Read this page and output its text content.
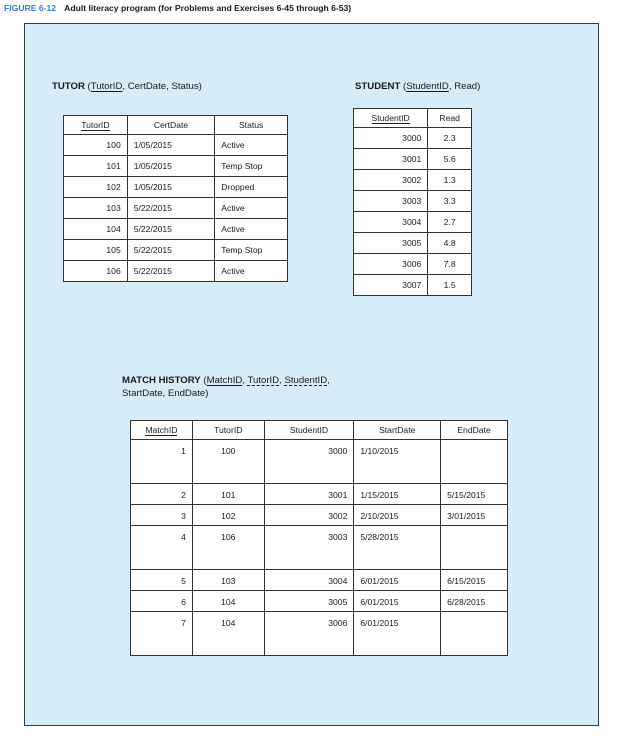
FIGURE 6-12 Adult literacy program (for Problems and Exercises 6-45 through 6-53)
TUTOR (TutorID, CertDate, Status)
TutorID	CertDate	Status
100	1/05/2015	Active
101	1/05/2015	Temp Stop
102	1/05/2015	Dropped
103	5/22/2015	Active
104	5/22/2015	Active
105	5/22/2015	Temp Stop
106	5/22/2015	Active
STUDENT (StudentID, Read)
StudentID	Read
3000	2.3
3001	5.6
3002	1.3
3003	3.3
3004	2.7
3005	4.8
3006	7.8
3007	1.5
MATCH HISTORY (MatchID, TutorID, StudentID,
StartDate, EndDate)
MatchID	TutorID	StudentID	StartDate	EndDate
1	100	3000	1/10/2015	
2	101	3001	1/15/2015	5/15/2015
3	102	3002	2/10/2015	3/01/2015
4	106	3003	5/28/2015	
5	103	3004	6/01/2015	6/15/2015
6	104	3005	6/01/2015	6/28/2015
7	104	3006	6/01/2015	
